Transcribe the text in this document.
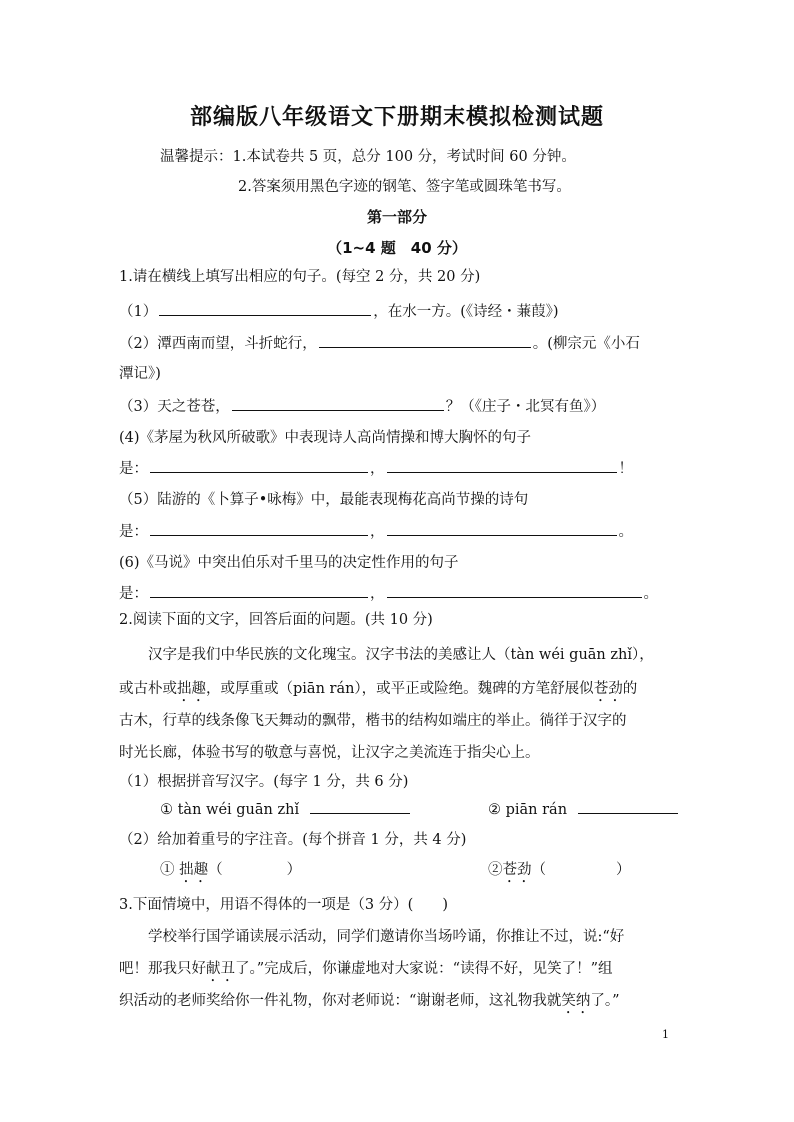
部编版八年级语文下册期末模拟检测试题
温馨提示：1.本试卷共 5 页，总分 100 分，考试时间 60 分钟。
2.答案须用黑色字迹的钢笔、签字笔或圆珠笔书写。
第一部分
（1~4 题　40 分）
1.请在横线上填写出相应的句子。(每空 2 分，共 20 分)
（1）	，在水一方。(《诗经・蒹葭》)
（2）潭西南而望，斗折蛇行，	。(柳宗元《小石
潭记》)
（3）天之苍苍，	？（《庄子・北冥有鱼》）
(4)《茅屋为秋风所破歌》中表现诗人高尚情操和博大胸怀的句子
是：	，	！
（5）陆游的《卜算子•咏梅》中，最能表现梅花高尚节操的诗句
是：	，	。
(6)《马说》中突出伯乐对千里马的决定性作用的句子
是：	，	。
2.阅读下面的文字，回答后面的问题。(共 10 分)
汉字是我们中华民族的文化瑰宝。汉字书法的美感让人（tàn wéi guān zhǐ），
或古朴或拙趣，或厚重或（piān rán），或平正或险绝。魏碑的方笔舒展似苍劲的
古木，行草的线条像飞天舞动的飘带，楷书的结构如端庄的举止。徜徉于汉字的
时光长廊，体验书写的敬意与喜悦，让汉字之美流连于指尖心上。
（1）根据拼音写汉字。(每字 1 分，共 6 分)
① tàn wéi guān zhǐ	② piān rán
（2）给加着重号的字注音。(每个拼音 1 分，共 4 分)
① 拙趣（	）	②苍劲（	）
3.下面情境中，用语不得体的一项是（3 分）(　　)
学校举行国学诵读展示活动，同学们邀请你当场吟诵，你推让不过，说:“好
吧！那我只好献丑了。”完成后，你谦虚地对大家说：“读得不好，见笑了！”组
织活动的老师奖给你一件礼物，你对老师说：“谢谢老师，这礼物我就笑纳了。”
1
